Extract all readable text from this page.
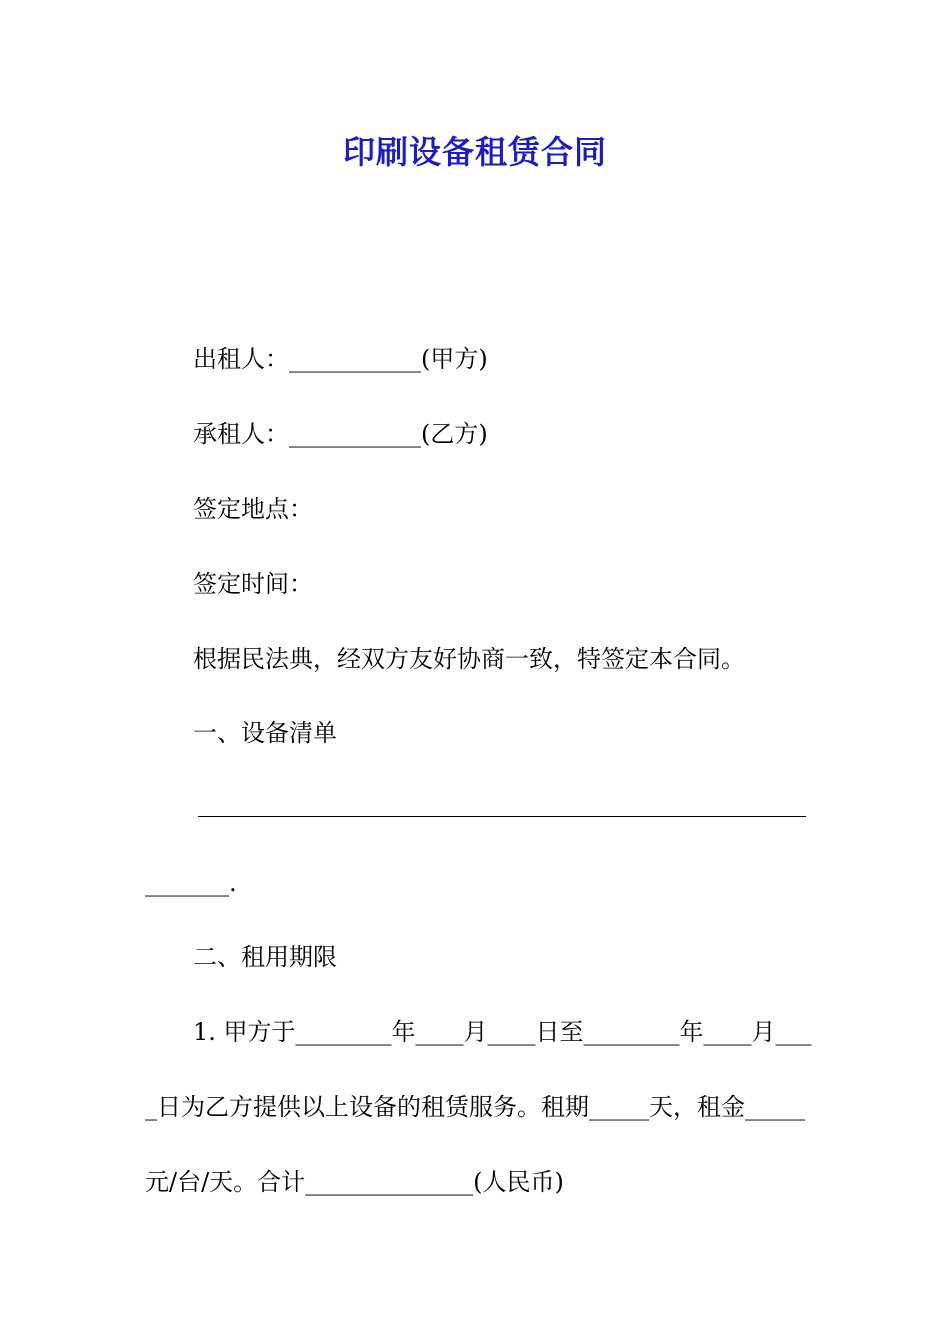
印刷设备租赁合同
出租人：___________(甲方)
承租人：___________(乙方)
签定地点：
签定时间：
根据民法典，经双方友好协商一致，特签定本合同。
一、设备清单
_______.
二、租用期限
1. 甲方于________年____月____日至________年____月___
_日为乙方提供以上设备的租赁服务。租期_____天，租金_____
元/台/天。合计______________(人民币)
